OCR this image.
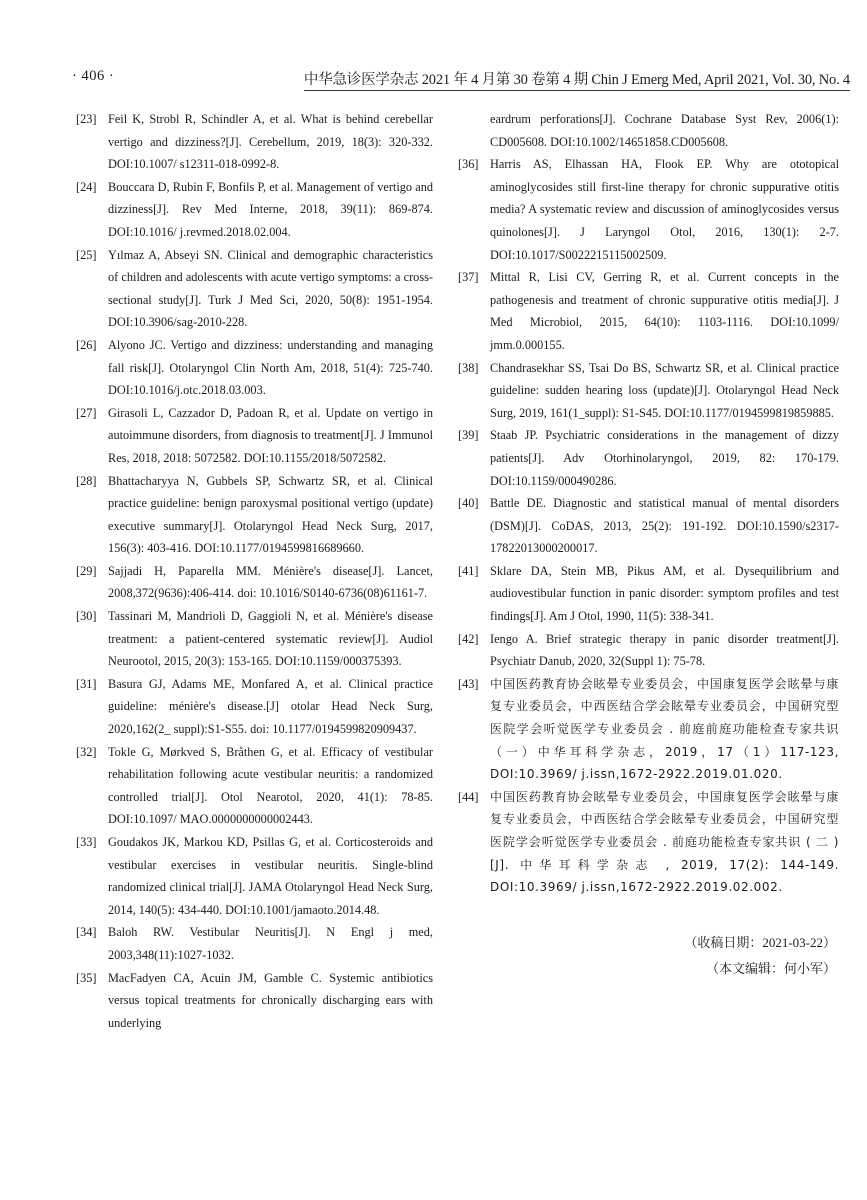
· 406 ·	中华急诊医学杂志 2021 年 4 月第 30 卷第 4 期 Chin J Emerg Med, April 2021, Vol. 30, No. 4
[23] Feil K, Strobl R, Schindler A, et al. What is behind cerebellar vertigo and dizziness?[J]. Cerebellum, 2019, 18(3): 320-332. DOI:10.1007/ s12311-018-0992-8.
[24] Bouccara D, Rubin F, Bonfils P, et al. Management of vertigo and dizziness[J]. Rev Med Interne, 2018, 39(11): 869-874. DOI:10.1016/ j.revmed.2018.02.004.
[25] Yılmaz A, Abseyi SN. Clinical and demographic characteristics of children and adolescents with acute vertigo symptoms: a cross-sectional study[J]. Turk J Med Sci, 2020, 50(8): 1951-1954. DOI:10.3906/sag-2010-228.
[26] Alyono JC. Vertigo and dizziness: understanding and managing fall risk[J]. Otolaryngol Clin North Am, 2018, 51(4): 725-740. DOI:10.1016/j.otc.2018.03.003.
[27] Girasoli L, Cazzador D, Padoan R, et al. Update on vertigo in autoimmune disorders, from diagnosis to treatment[J]. J Immunol Res, 2018, 2018: 5072582. DOI:10.1155/2018/5072582.
[28] Bhattacharyya N, Gubbels SP, Schwartz SR, et al. Clinical practice guideline: benign paroxysmal positional vertigo (update) executive summary[J]. Otolaryngol Head Neck Surg, 2017, 156(3): 403-416. DOI:10.1177/0194599816689660.
[29] Sajjadi H, Paparella MM. Ménière's disease[J]. Lancet, 2008,372(9636):406-414. doi: 10.1016/S0140-6736(08)61161-7.
[30] Tassinari M, Mandrioli D, Gaggioli N, et al. Ménière's disease treatment: a patient-centered systematic review[J]. Audiol Neurootol, 2015, 20(3): 153-165. DOI:10.1159/000375393.
[31] Basura GJ, Adams ME, Monfared A, et al. Clinical practice guideline: ménière's disease.[J] otolar Head Neck Surg, 2020,162(2_ suppl):S1-S55. doi: 10.1177/0194599820909437.
[32] Tokle G, Mørkved S, Bråthen G, et al. Efficacy of vestibular rehabilitation following acute vestibular neuritis: a randomized controlled trial[J]. Otol Nearotol, 2020, 41(1): 78-85. DOI:10.1097/ MAO.0000000000002443.
[33] Goudakos JK, Markou KD, Psillas G, et al. Corticosteroids and vestibular exercises in vestibular neuritis. Single-blind randomized clinical trial[J]. JAMA Otolaryngol Head Neck Surg, 2014, 140(5): 434-440. DOI:10.1001/jamaoto.2014.48.
[34] Baloh RW. Vestibular Neuritis[J]. N Engl j med, 2003,348(11):1027-1032.
[35] MacFadyen CA, Acuin JM, Gamble C. Systemic antibiotics versus topical treatments for chronically discharging ears with underlying
eardrum perforations[J]. Cochrane Database Syst Rev, 2006(1): CD005608. DOI:10.1002/14651858.CD005608.
[36] Harris AS, Elhassan HA, Flook EP. Why are ototopical aminoglycosides still first-line therapy for chronic suppurative otitis media? A systematic review and discussion of aminoglycosides versus quinolones[J]. J Laryngol Otol, 2016, 130(1): 2-7. DOI:10.1017/S0022215115002509.
[37] Mittal R, Lisi CV, Gerring R, et al. Current concepts in the pathogenesis and treatment of chronic suppurative otitis media[J]. J Med Microbiol, 2015, 64(10): 1103-1116. DOI:10.1099/ jmm.0.000155.
[38] Chandrasekhar SS, Tsai Do BS, Schwartz SR, et al. Clinical practice guideline: sudden hearing loss (update)[J]. Otolaryngol Head Neck Surg, 2019, 161(1_suppl): S1-S45. DOI:10.1177/0194599819859885.
[39] Staab JP. Psychiatric considerations in the management of dizzy patients[J]. Adv Otorhinolaryngol, 2019, 82: 170-179. DOI:10.1159/000490286.
[40] Battle DE. Diagnostic and statistical manual of mental disorders (DSM)[J]. CoDAS, 2013, 25(2): 191-192. DOI:10.1590/s2317-17822013000200017.
[41] Sklare DA, Stein MB, Pikus AM, et al. Dysequilibrium and audiovestibular function in panic disorder: symptom profiles and test findings[J]. Am J Otol, 1990, 11(5): 338-341.
[42] Iengo A. Brief strategic therapy in panic disorder treatment[J]. Psychiatr Danub, 2020, 32(Suppl 1): 75-78.
[43] 中国医药教育协会眩晕专业委员会，中国康复医学会眩晕与康复专业委员会，中西医结合学会眩晕专业委员会，中国研究型医院学会听觉医学专业委员会 . 前庭前庭功能检查专家共识（一）中华耳科学杂志，2019，17（1）117-123, DOI:10.3969/ j.issn,1672-2922.2019.01.020.
[44] 中国医药教育协会眩晕专业委员会，中国康复医学会眩晕与康复专业委员会，中西医结合学会眩晕专业委员会，中国研究型医院学会听觉医学专业委员会 . 前庭功能检查专家共识 ( 二 )[J]. 中华耳科学杂志 , 2019, 17(2): 144-149. DOI:10.3969/ j.issn,1672-2922.2019.02.002.
（收稿日期：2021-03-22）
（本文编辑：何小军）
